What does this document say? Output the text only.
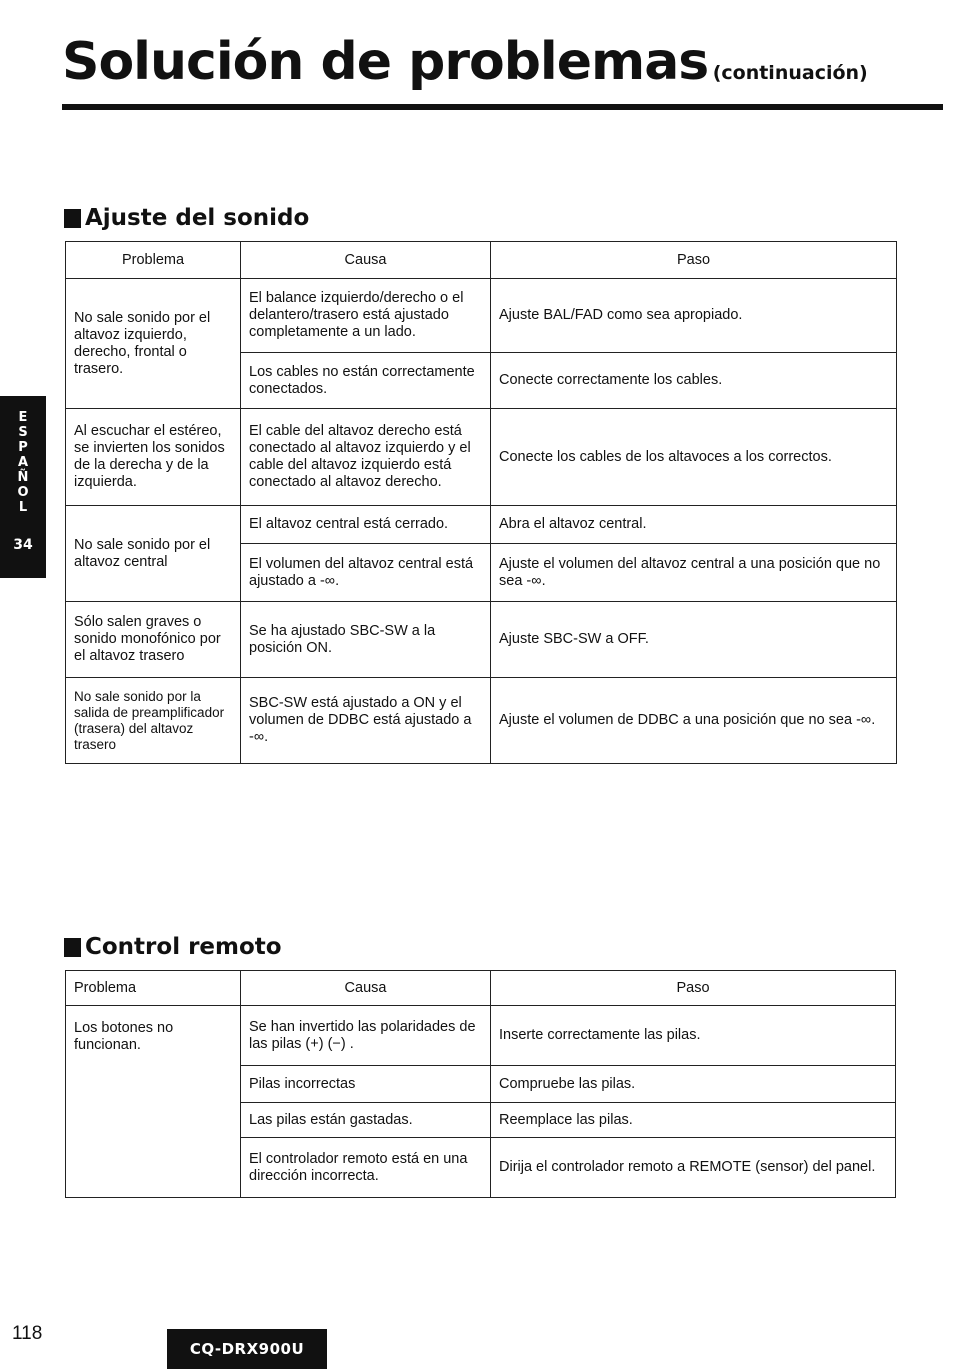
Solución de problemas (continuación)
E
S
P
A
Ñ
O
L
34
Ajuste del sonido
Problema	Causa	Paso
No sale sonido por el altavoz izquierdo, derecho, frontal o trasero.	El balance izquierdo/derecho o el delantero/trasero está ajustado completamente a un lado.	Ajuste BAL/FAD como sea apropiado.
	Los cables no están correctamente conectados.	Conecte correctamente los cables.
Al escuchar el estéreo, se invierten los sonidos de la derecha y de la izquierda.	El cable del altavoz derecho está conectado al altavoz izquierdo y el cable del altavoz izquierdo está conectado al altavoz derecho.	Conecte los cables de los altavoces a los correctos.
No sale sonido por el altavoz central	El altavoz central está cerrado.	Abra el altavoz central.
	El volumen del altavoz central está ajustado a -∞.	Ajuste el volumen del altavoz central a una posición que no sea -∞.
Sólo salen graves o sonido monofónico por el altavoz trasero	Se ha ajustado SBC-SW a la posición ON.	Ajuste SBC-SW a OFF.
No sale sonido por la salida de preamplificador (trasera) del altavoz trasero	SBC-SW está ajustado a ON y el volumen de DDBC está ajustado a -∞.	Ajuste el volumen de DDBC a una posición que no sea -∞.
Control remoto
Problema	Causa	Paso
Los botones no funcionan.	Se han invertido las polaridades de las pilas (+) (−) .	Inserte correctamente las pilas.
	Pilas incorrectas	Compruebe las pilas.
	Las pilas están gastadas.	Reemplace las pilas.
	El controlador remoto está en una dirección incorrecta.	Dirija el controlador remoto a REMOTE (sensor) del panel.
118
CQ-DRX900U
